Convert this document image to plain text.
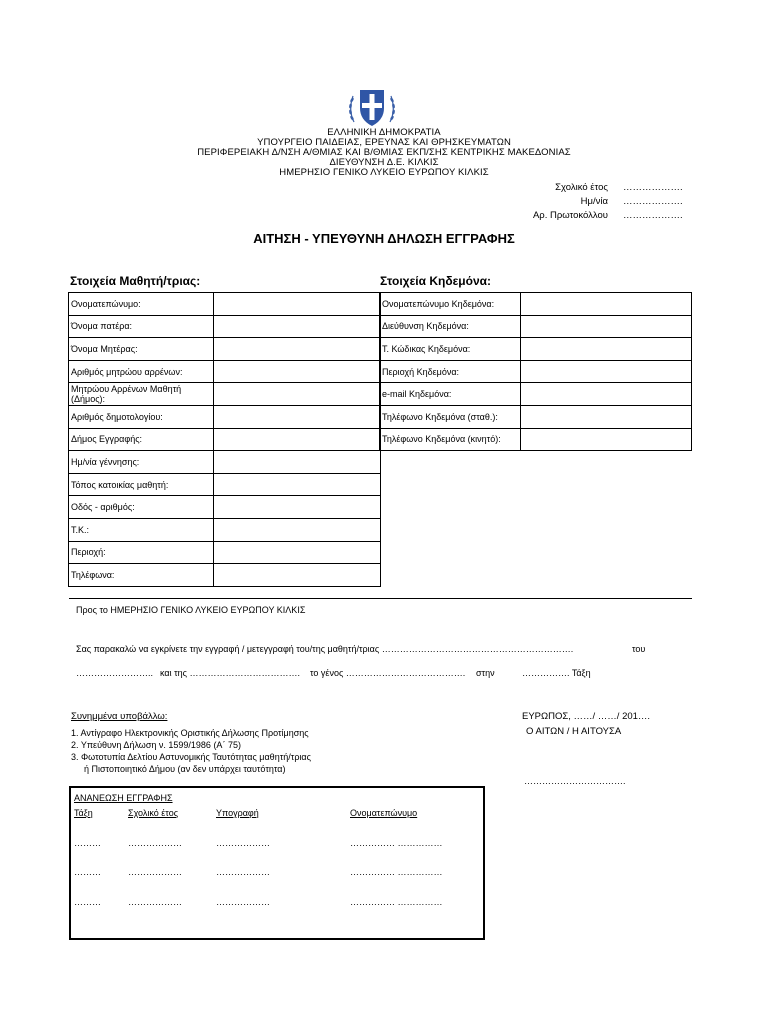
ΕΛΛΗΝΙΚΗ ΔΗΜΟΚΡΑΤΙΑ
ΥΠΟΥΡΓΕΙΟ ΠΑΙΔΕΙΑΣ, ΕΡΕΥΝΑΣ ΚΑΙ ΘΡΗΣΚΕΥΜΑΤΩΝ
ΠΕΡΙΦΕΡΕΙΑΚΗ Δ/ΝΣΗ Α/ΘΜΙΑΣ ΚΑΙ Β/ΘΜΙΑΣ ΕΚΠ/ΣΗΣ ΚΕΝΤΡΙΚΗΣ ΜΑΚΕΔΟΝΙΑΣ
ΔΙΕΥΘΥΝΣΗ Δ.Ε. ΚΙΛΚΙΣ
ΗΜΕΡΗΣΙΟ ΓΕΝΙΚΟ ΛΥΚΕΙΟ ΕΥΡΩΠΟΥ ΚΙΛΚΙΣ
Σχολικό έτος ……………….
Ημ/νία ……………….
Αρ. Πρωτοκόλλου ……………….
ΑΙΤΗΣΗ - ΥΠΕΥΘΥΝΗ ΔΗΛΩΣΗ ΕΓΓΡΑΦΗΣ
Στοιχεία Μαθητή/τριας:	Στοιχεία Κηδεμόνα:
Ονοματεπώνυμο:	
Όνομα πατέρα:	
Όνομα Μητέρας:	
Αριθμός μητρώου αρρένων:	
Μητρώου Αρρένων Μαθητή (Δήμος):	
Αριθμός δημοτολογίου:	
Δήμος Εγγραφής:	
Ημ/νία γέννησης:	
Τόπος κατοικίας μαθητή:	
Οδός - αριθμός:	
Τ.Κ.:	
Περιοχή:	
Τηλέφωνα:	
Ονοματεπώνυμο Κηδεμόνα:	
Διεύθυνση Κηδεμόνα:	
Τ. Κώδικας Κηδεμόνα:	
Περιοχή Κηδεμόνα:	
e-mail Κηδεμόνα:	
Τηλέφωνο Κηδεμόνα (σταθ.):	
Τηλέφωνο Κηδεμόνα (κινητό):	
Προς το ΗΜΕΡΗΣΙΟ ΓΕΝΙΚΟ ΛΥΚΕΙΟ ΕΥΡΩΠΟΥ ΚΙΛΚΙΣ
Σας παρακαλώ να εγκρίνετε την εγγραφή / μετεγγραφή του/της μαθητή/τριας ……………………………………………………….	του
…………………….. και της ………………………………. το γένος …………………………………. στην	……………. Τάξη
Συνημμένα υποβάλλω:
1. Αντίγραφο Ηλεκτρονικής Οριστικής Δήλωσης Προτίμησης
2. Υπεύθυνη Δήλωση ν. 1599/1986 (Α΄ 75)
3. Φωτοτυπία Δελτίου Αστυνομικής Ταυτότητας μαθητή/τριας
ή Πιστοποιητικό Δήμου (αν δεν υπάρχει ταυτότητα)
ΕΥΡΩΠΟΣ, ……/ ……/ 201….
Ο ΑΙΤΩΝ / Η ΑΙΤΟΥΣΑ
…………………………….
ΑΝΑΝΕΩΣΗ ΕΓΓΡΑΦΗΣ
Τάξη	Σχολικό έτος	Υπογραφή	Ονοματεπώνυμο
………	………………	………………	…………… ……………
………	………………	………………	…………… ……………
………	………………	………………	…………… ……………
